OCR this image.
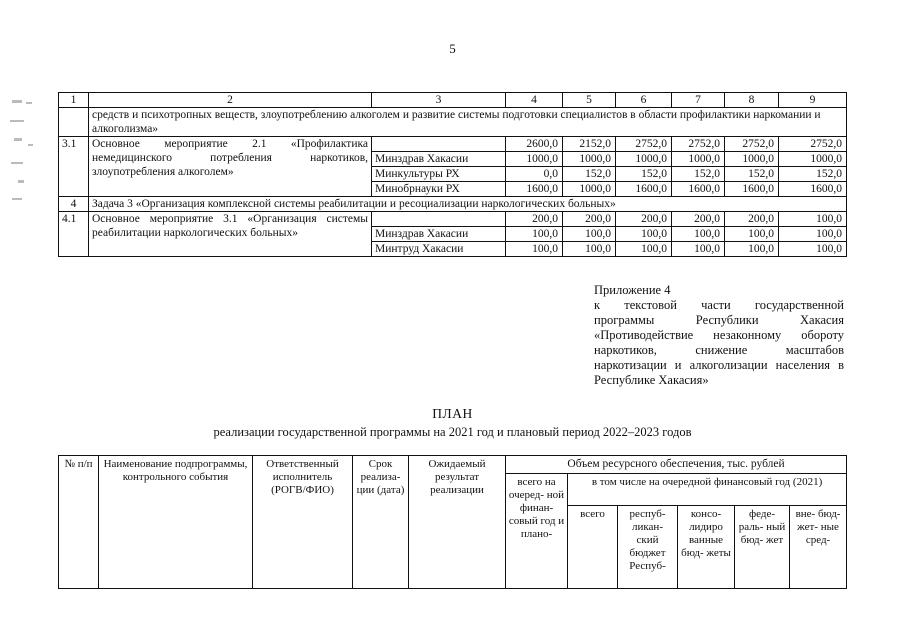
5
1	2	3	4	5	6	7	8	9
	средств и психотропных веществ, злоупотреблению алкоголем и развитие системы подготовки специалистов в области профилактики наркомании и алкоголизма»							
3.1	Основное мероприятие 2.1 «Профилактика немедицинского потребления наркотиков, злоупотребления алкоголем»		2600,0	2152,0	2752,0	2752,0	2752,0	2752,0
		Минздрав Хакасии	1000,0	1000,0	1000,0	1000,0	1000,0	1000,0
		Минкультуры РХ	0,0	152,0	152,0	152,0	152,0	152,0
		Минобрнауки РХ	1600,0	1000,0	1600,0	1600,0	1600,0	1600,0
4	Задача 3 «Организация комплексной системы реабилитации и ресоциализации наркологических больных»							
4.1	Основное мероприятие 3.1 «Организация системы реабилитации наркологических больных»		200,0	200,0	200,0	200,0	200,0	100,0
		Минздрав Хакасии	100,0	100,0	100,0	100,0	100,0	100,0
		Минтруд Хакасии	100,0	100,0	100,0	100,0	100,0	100,0
Приложение 4
к текстовой части государственной программы Республики Хакасия «Противодействие незаконному обороту наркотиков, снижение масштабов наркотизации и алкоголизации населения в Республике Хакасия»
ПЛАН
реализации государственной программы на 2021 год и плановый период 2022–2023 годов
№ п/п	Наименование подпрограммы, контрольного события	Ответственный исполнитель (РОГВ/ФИО)	Срок реализа- ции (дата)	Ожидаемый результат реализации	Объем ресурсного обеспечения, тыс. рублей					
					всего на очеред- ной финан- совый год и плано-	в том числе на очередной финансовый год (2021)				
						всего	респуб- ликан- ский бюджет Респуб-	консо- лидиро ванные бюд- жеты	феде- раль- ный бюд- жет	вне- бюд- жет- ные сред-
